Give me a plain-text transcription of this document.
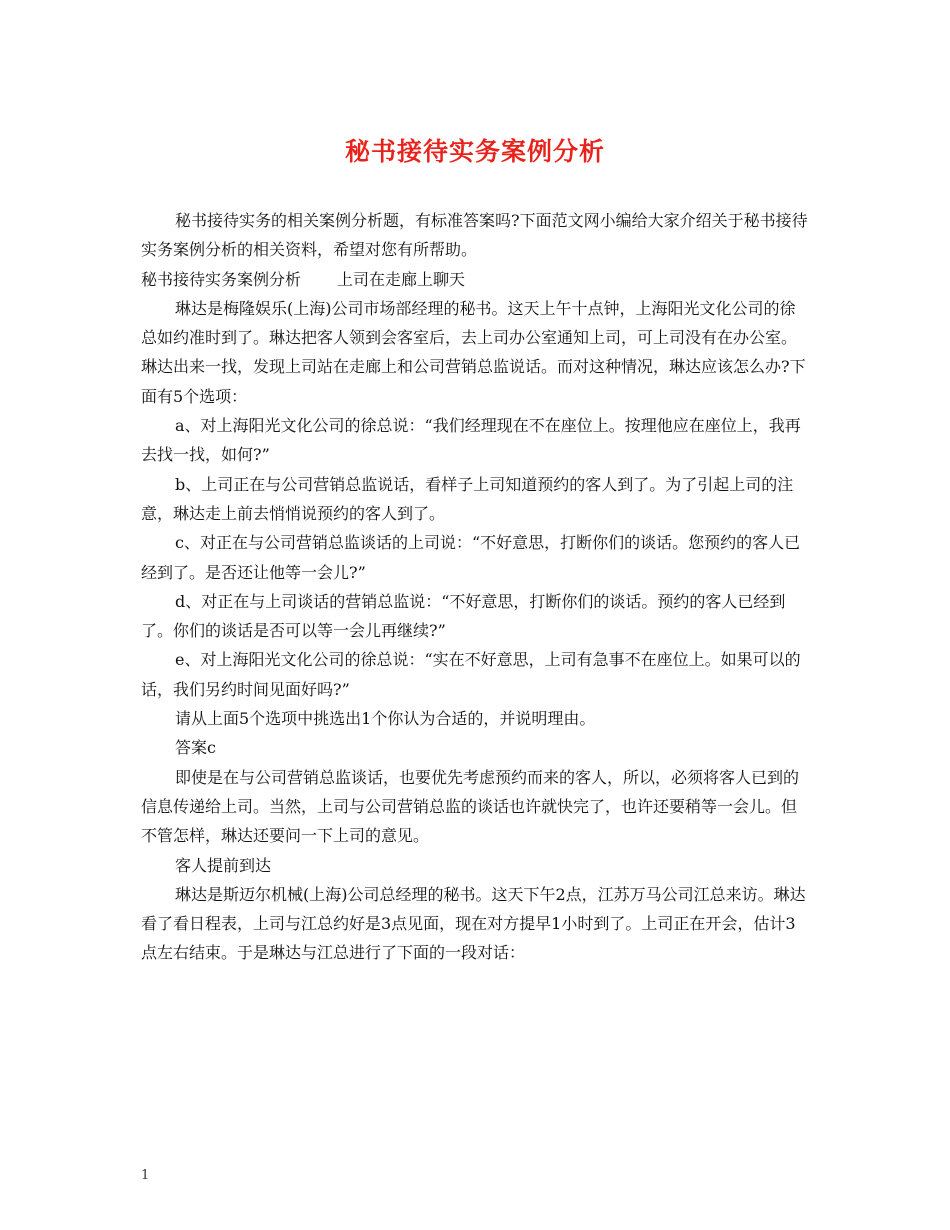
秘书接待实务案例分析

秘书接待实务的相关案例分析题，有标准答案吗?下面范文网小编给大家介绍关于秘书接待实务案例分析的相关资料，希望对您有所帮助。

秘书接待实务案例分析 上司在走廊上聊天

琳达是梅隆娱乐(上海)公司市场部经理的秘书。这天上午十点钟，上海阳光文化公司的徐总如约准时到了。琳达把客人领到会客室后，去上司办公室通知上司，可上司没有在办公室。琳达出来一找，发现上司站在走廊上和公司营销总监说话。而对这种情况，琳达应该怎么办?下面有5个选项：

a、对上海阳光文化公司的徐总说：“我们经理现在不在座位上。按理他应在座位上，我再去找一找，如何?”

b、上司正在与公司营销总监说话，看样子上司知道预约的客人到了。为了引起上司的注意，琳达走上前去悄悄说预约的客人到了。

c、对正在与公司营销总监谈话的上司说：“不好意思，打断你们的谈话。您预约的客人已经到了。是否还让他等一会儿?”

d、对正在与上司谈话的营销总监说：“不好意思，打断你们的谈话。预约的客人已经到了。你们的谈话是否可以等一会儿再继续?”

e、对上海阳光文化公司的徐总说：“实在不好意思，上司有急事不在座位上。如果可以的话，我们另约时间见面好吗?”

请从上面5个选项中挑选出1个你认为合适的，并说明理由。

答案c

即使是在与公司营销总监谈话，也要优先考虑预约而来的客人，所以，必须将客人已到的信息传递给上司。当然，上司与公司营销总监的谈话也许就快完了，也许还要稍等一会儿。但不管怎样，琳达还要问一下上司的意见。

客人提前到达

琳达是斯迈尔机械(上海)公司总经理的秘书。这天下午2点，江苏万马公司江总来访。琳达看了看日程表，上司与江总约好是3点见面，现在对方提早1小时到了。上司正在开会，估计3点左右结束。于是琳达与江总进行了下面的一段对话：

1
